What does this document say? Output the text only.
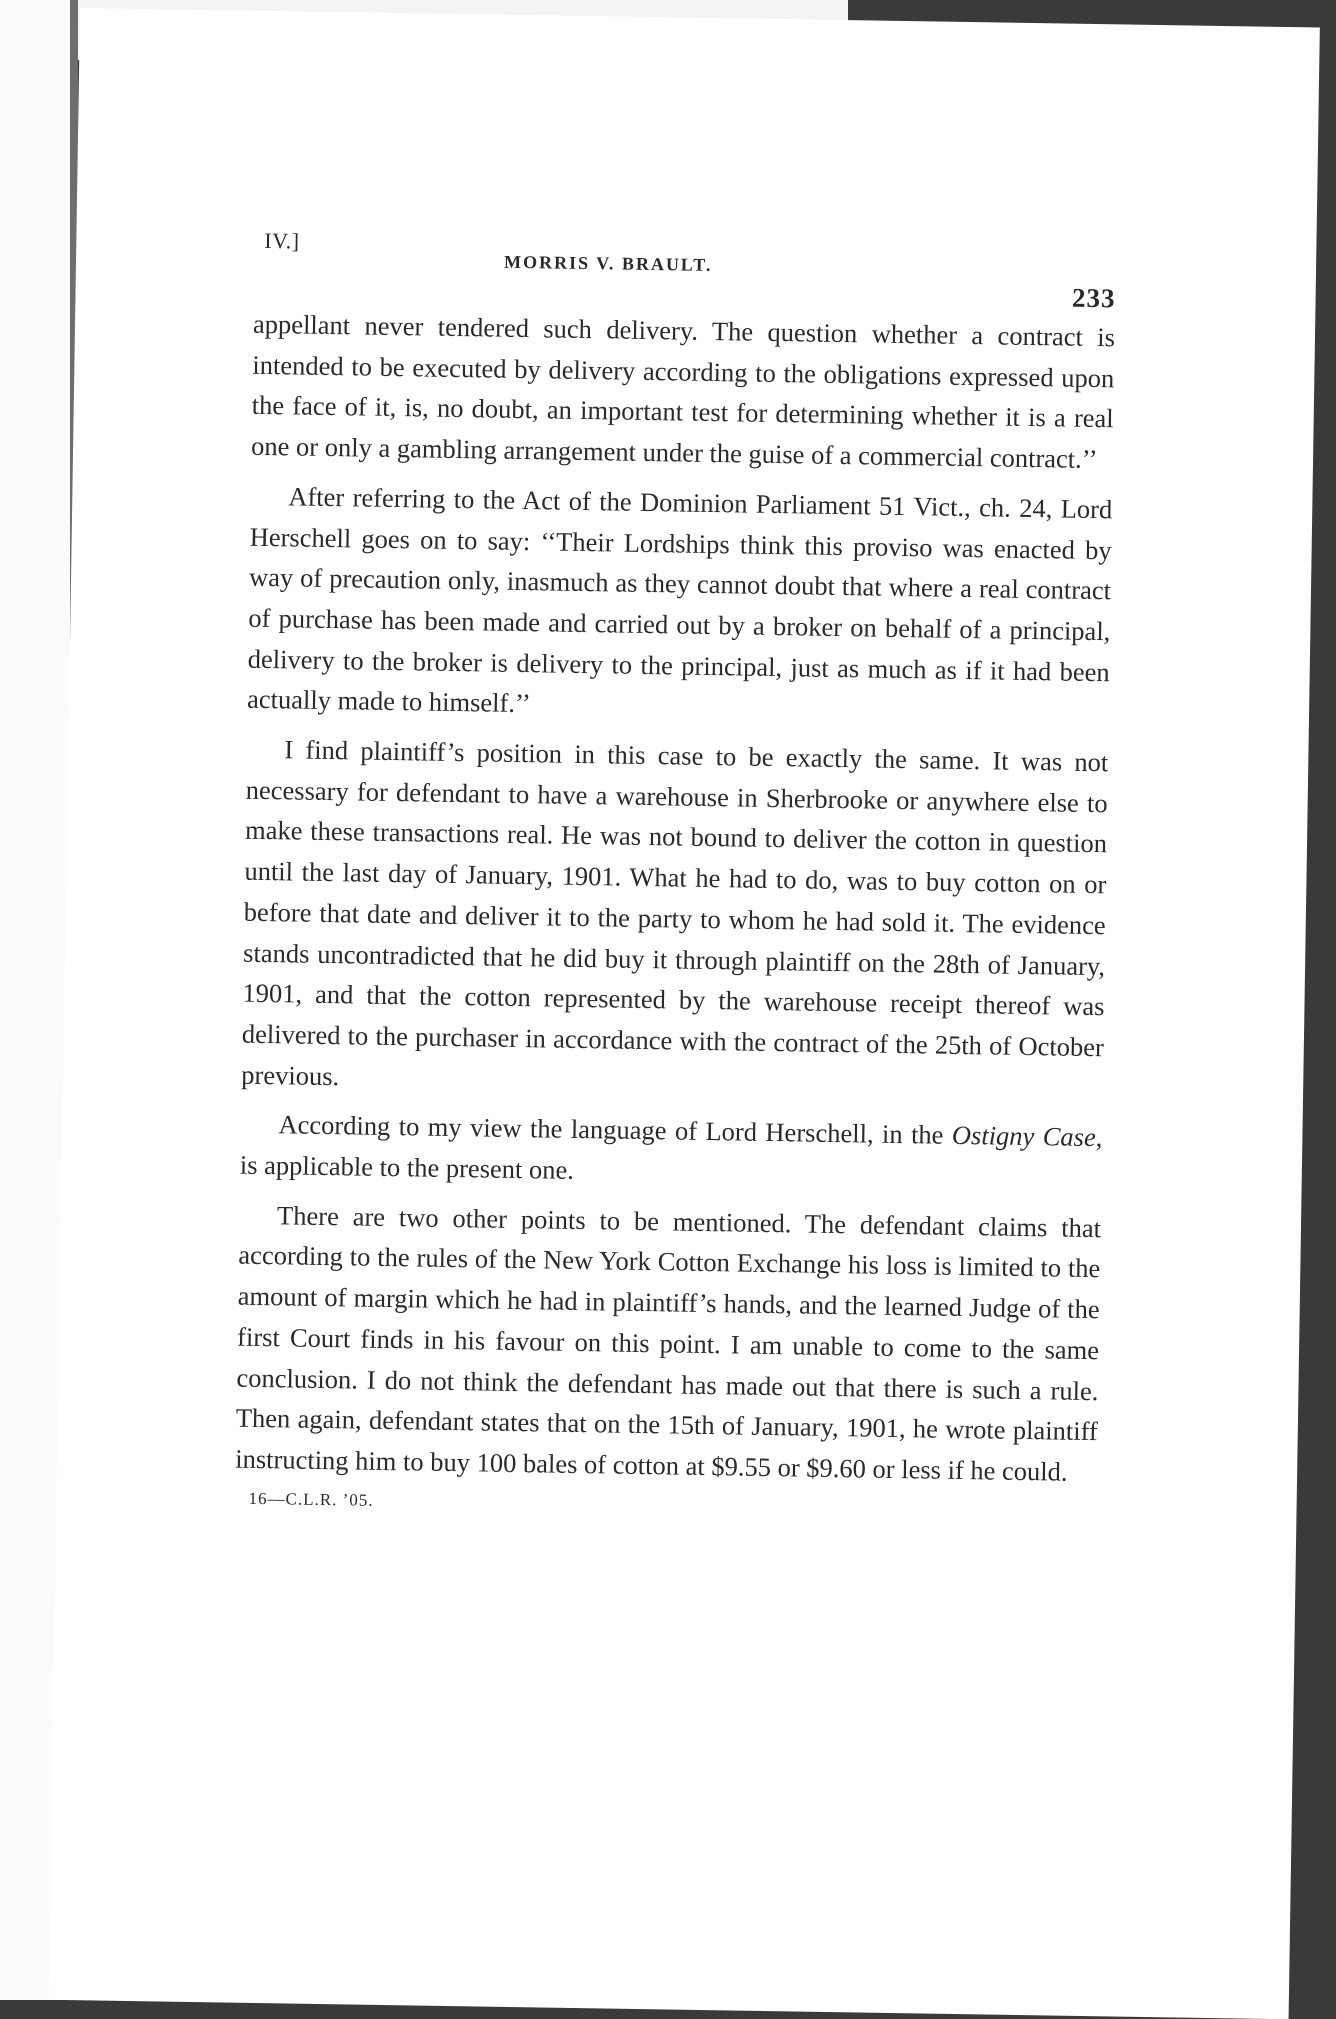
IV.]
MORRIS V. BRAULT.
233

appellant never tendered such delivery. The question whether a contract is intended to be executed by delivery according to the obligations expressed upon the face of it, is, no doubt, an important test for determining whether it is a real one or only a gambling arrangement under the guise of a commercial contract.’’

After referring to the Act of the Dominion Parliament 51 Vict., ch. 24, Lord Herschell goes on to say: ‘‘Their Lordships think this proviso was enacted by way of precaution only, inasmuch as they cannot doubt that where a real contract of purchase has been made and carried out by a broker on behalf of a principal, delivery to the broker is delivery to the principal, just as much as if it had been actually made to himself.’’

I find plaintiff’s position in this case to be exactly the same. It was not necessary for defendant to have a warehouse in Sherbrooke or anywhere else to make these transactions real. He was not bound to deliver the cotton in question until the last day of January, 1901. What he had to do, was to buy cotton on or before that date and deliver it to the party to whom he had sold it. The evidence stands uncontradicted that he did buy it through plaintiff on the 28th of January, 1901, and that the cotton represented by the warehouse receipt thereof was delivered to the purchaser in accordance with the contract of the 25th of October previous.

According to my view the language of Lord Herschell, in the Ostigny Case, is applicable to the present one.

There are two other points to be mentioned. The defendant claims that according to the rules of the New York Cotton Exchange his loss is limited to the amount of margin which he had in plaintiff’s hands, and the learned Judge of the first Court finds in his favour on this point. I am unable to come to the same conclusion. I do not think the defendant has made out that there is such a rule. Then again, defendant states that on the 15th of January, 1901, he wrote plaintiff instructing him to buy 100 bales of cotton at $9.55 or $9.60 or less if he could.

16—C.L.R. ’05.
